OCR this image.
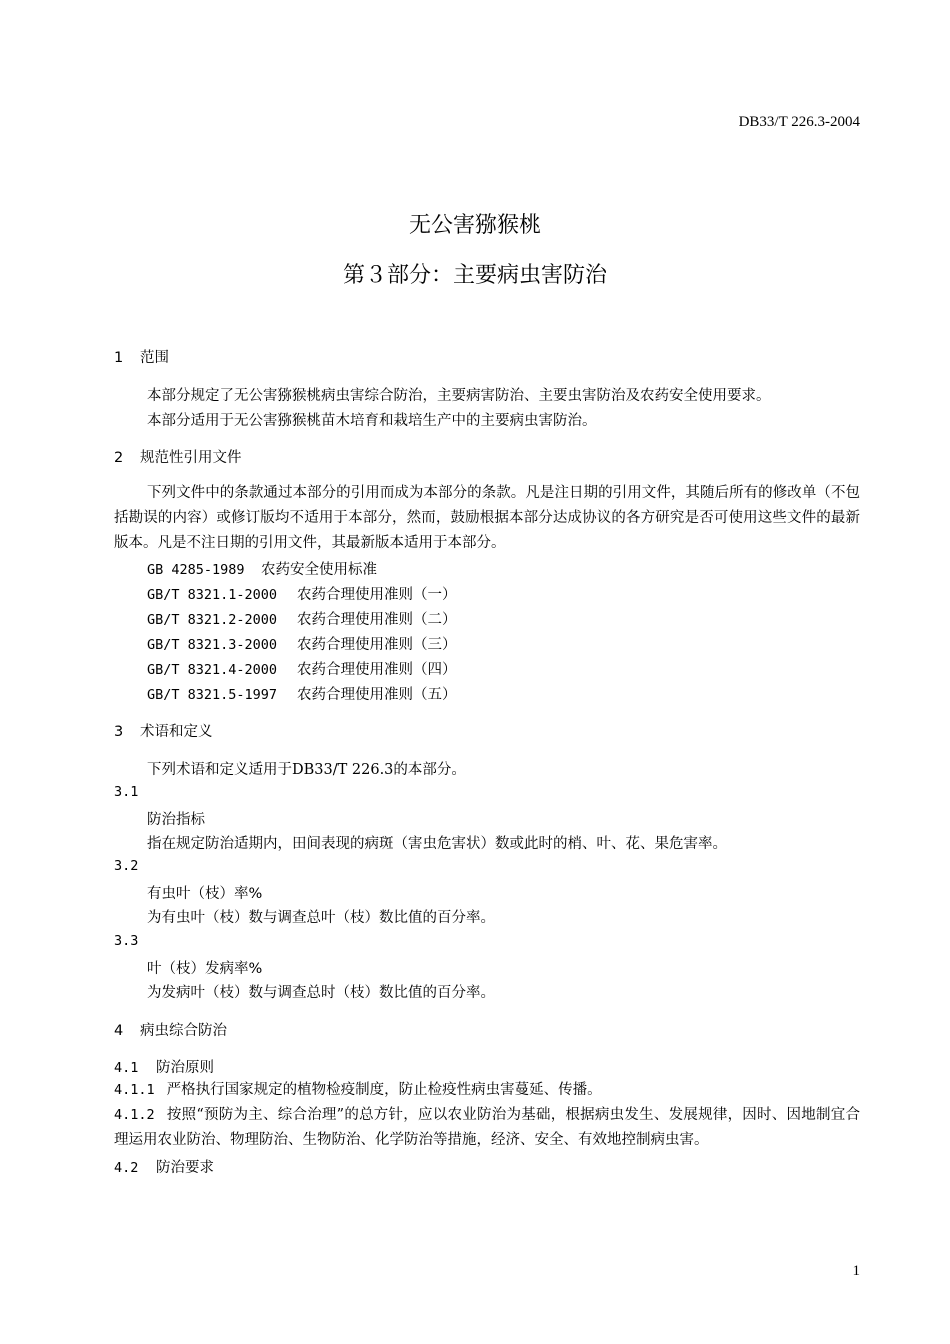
DB33/T 226.3-2004
无公害猕猴桃
第３部分：主要病虫害防治
1 范围
本部分规定了无公害猕猴桃病虫害综合防治，主要病害防治、主要虫害防治及农药安全使用要求。
本部分适用于无公害猕猴桃苗木培育和栽培生产中的主要病虫害防治。
2 规范性引用文件
下列文件中的条款通过本部分的引用而成为本部分的条款。凡是注日期的引用文件，其随后所有的修改单（不包括勘误的内容）或修订版均不适用于本部分，然而，鼓励根据本部分达成协议的各方研究是否可使用这些文件的最新版本。凡是不注日期的引用文件，其最新版本适用于本部分。
GB 4285-1989 农药安全使用标准
GB/T 8321.1-2000 农药合理使用准则（一）
GB/T 8321.2-2000 农药合理使用准则（二）
GB/T 8321.3-2000 农药合理使用准则（三）
GB/T 8321.4-2000 农药合理使用准则（四）
GB/T 8321.5-1997 农药合理使用准则（五）
3 术语和定义
下列术语和定义适用于DB33/T 226.3的本部分。
3.1
防治指标
指在规定防治适期内，田间表现的病斑（害虫危害状）数或此时的梢、叶、花、果危害率。
3.2
有虫叶（枝）率%
为有虫叶（枝）数与调查总叶（枝）数比值的百分率。
3.3
叶（枝）发病率%
为发病叶（枝）数与调查总时（枝）数比值的百分率。
4 病虫综合防治
4.1 防治原则
4.1.1 严格执行国家规定的植物检疫制度，防止检疫性病虫害蔓延、传播。
4.1.2 按照“预防为主、综合治理”的总方针，应以农业防治为基础，根据病虫发生、发展规律，因时、因地制宜合理运用农业防治、物理防治、生物防治、化学防治等措施，经济、安全、有效地控制病虫害。
4.2 防治要求
1
